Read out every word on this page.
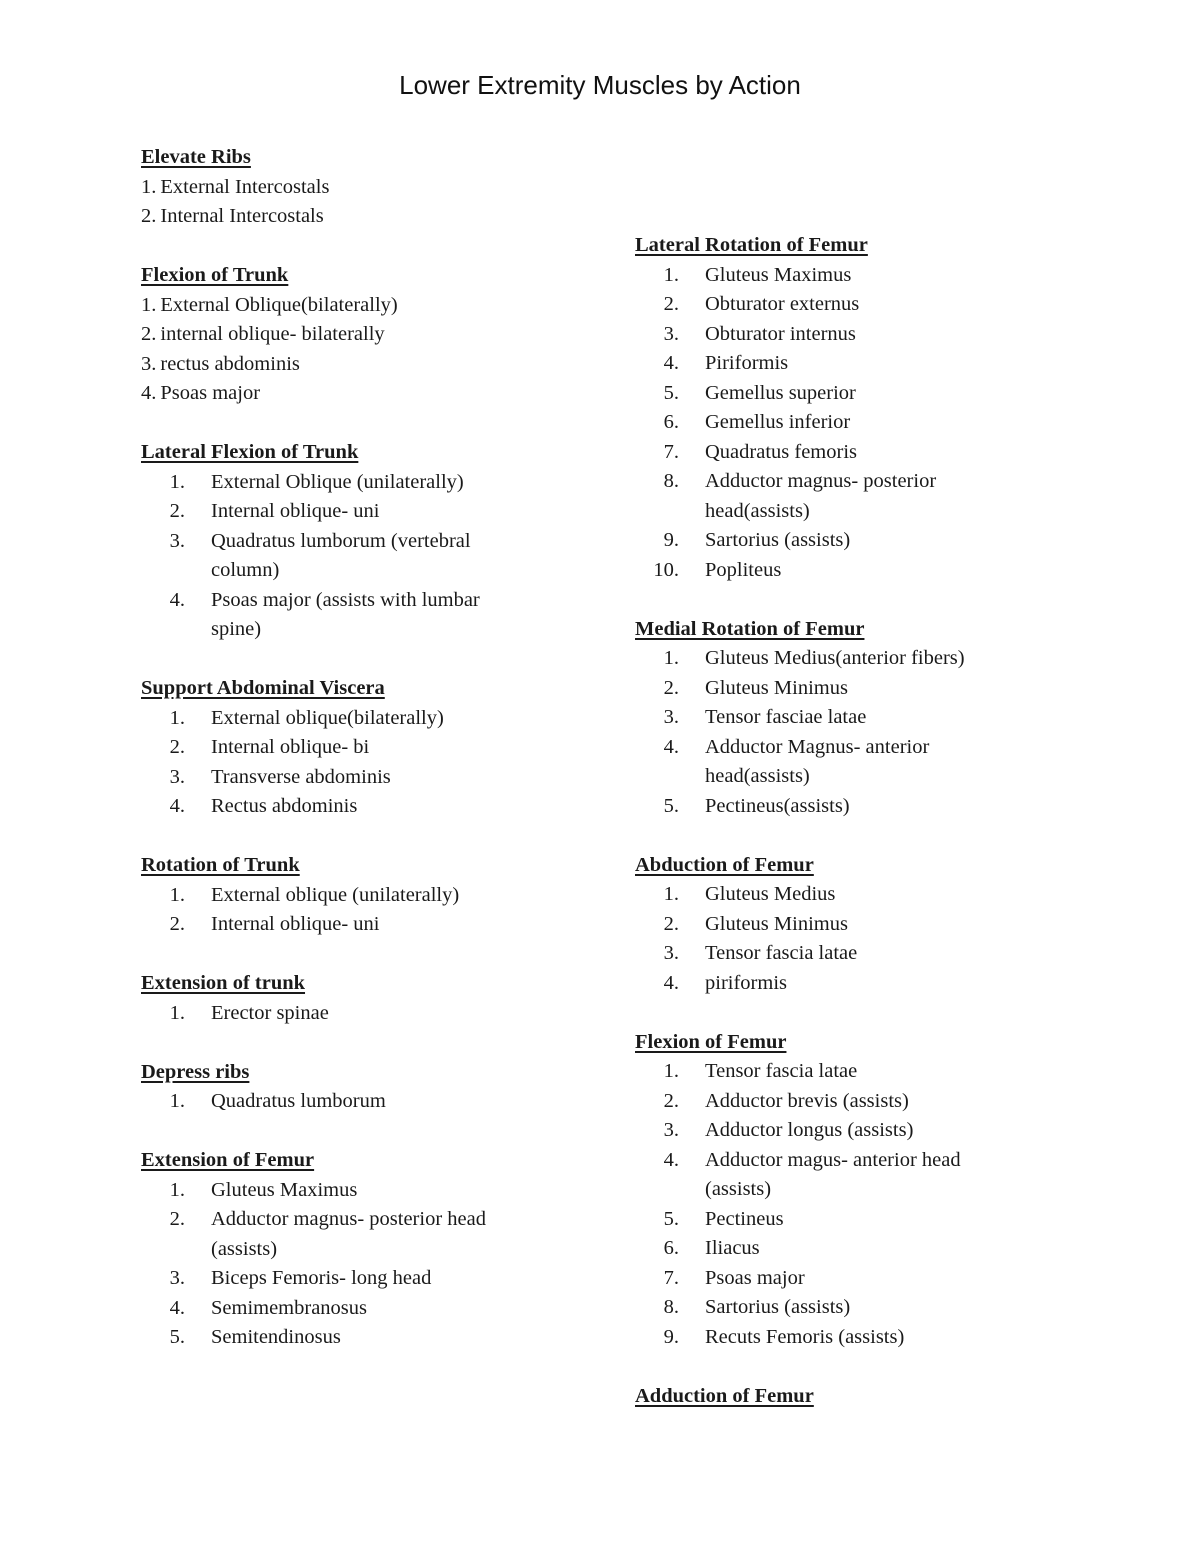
Lower Extremity Muscles by Action
Elevate Ribs
1. External Intercostals
2. Internal Intercostals
Flexion of Trunk
1. External Oblique(bilaterally)
2. internal oblique- bilaterally
3. rectus abdominis
4. Psoas major
Lateral Flexion of Trunk
1. External Oblique (unilaterally)
2. Internal oblique- uni
3. Quadratus lumborum (vertebral
column)
4. Psoas major (assists with lumbar
spine)
Support Abdominal Viscera
1. External oblique(bilaterally)
2. Internal oblique- bi
3. Transverse abdominis
4. Rectus abdominis
Rotation of Trunk
1. External oblique (unilaterally)
2. Internal oblique- uni
Extension of trunk
1. Erector spinae
Depress ribs
1. Quadratus lumborum
Extension of Femur
1. Gluteus Maximus
2. Adductor magnus- posterior head
(assists)
3. Biceps Femoris- long head
4. Semimembranosus
5. Semitendinosus
Lateral Rotation of Femur
1. Gluteus Maximus
2. Obturator externus
3. Obturator internus
4. Piriformis
5. Gemellus superior
6. Gemellus inferior
7. Quadratus femoris
8. Adductor magnus- posterior
head(assists)
9. Sartorius (assists)
10. Popliteus
Medial Rotation of Femur
1. Gluteus Medius(anterior fibers)
2. Gluteus Minimus
3. Tensor fasciae latae
4. Adductor Magnus- anterior
head(assists)
5. Pectineus(assists)
Abduction of Femur
1. Gluteus Medius
2. Gluteus Minimus
3. Tensor fascia latae
4. piriformis
Flexion of Femur
1. Tensor fascia latae
2. Adductor brevis (assists)
3. Adductor longus (assists)
4. Adductor magus- anterior head
(assists)
5. Pectineus
6. Iliacus
7. Psoas major
8. Sartorius (assists)
9. Recuts Femoris (assists)
Adduction of Femur
